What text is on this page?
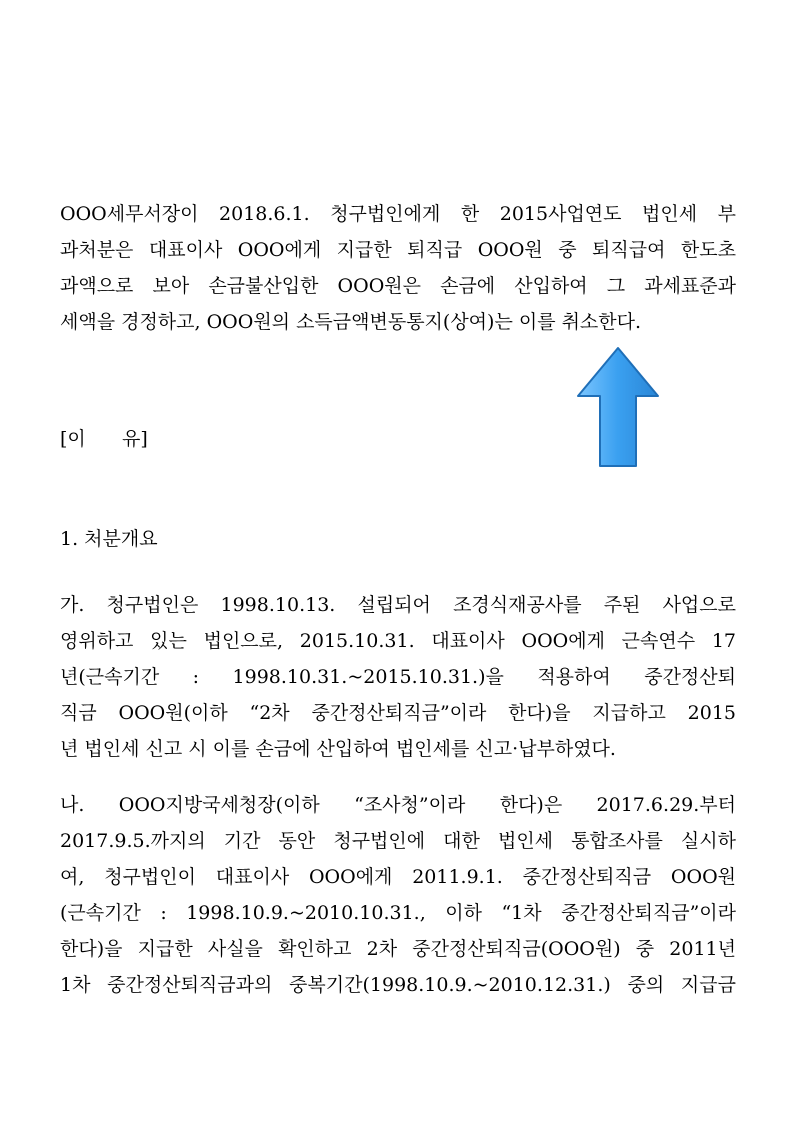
OOO세무서장이 2018.6.1. 청구법인에게 한 2015사업연도 법인세 부
과처분은 대표이사 OOO에게 지급한 퇴직급 OOO원 중 퇴직급여 한도초
과액으로 보아 손금불산입한 OOO원은 손금에 산입하여 그 과세표준과
세액을 경정하고, OOO원의 소득금액변동통지(상여)는 이를 취소한다.
[이      유]
1. 처분개요
가. 청구법인은 1998.10.13. 설립되어 조경식재공사를 주된 사업으로
영위하고 있는 법인으로, 2015.10.31. 대표이사 OOO에게 근속연수 17
년(근속기간 : 1998.10.31.~2015.10.31.)을 적용하여 중간정산퇴
직금 OOO원(이하 “2차 중간정산퇴직금”이라 한다)을 지급하고 2015
년 법인세 신고 시 이를 손금에 산입하여 법인세를 신고·납부하였다.
나. OOO지방국세청장(이하 “조사청”이라 한다)은 2017.6.29.부터
2017.9.5.까지의 기간 동안 청구법인에 대한 법인세 통합조사를 실시하
여, 청구법인이 대표이사 OOO에게 2011.9.1. 중간정산퇴직금 OOO원
(근속기간 : 1998.10.9.~2010.10.31., 이하 “1차 중간정산퇴직금”이라
한다)을 지급한 사실을 확인하고 2차 중간정산퇴직금(OOO원) 중 2011년
1차 중간정산퇴직금과의 중복기간(1998.10.9.~2010.12.31.) 중의 지급금
